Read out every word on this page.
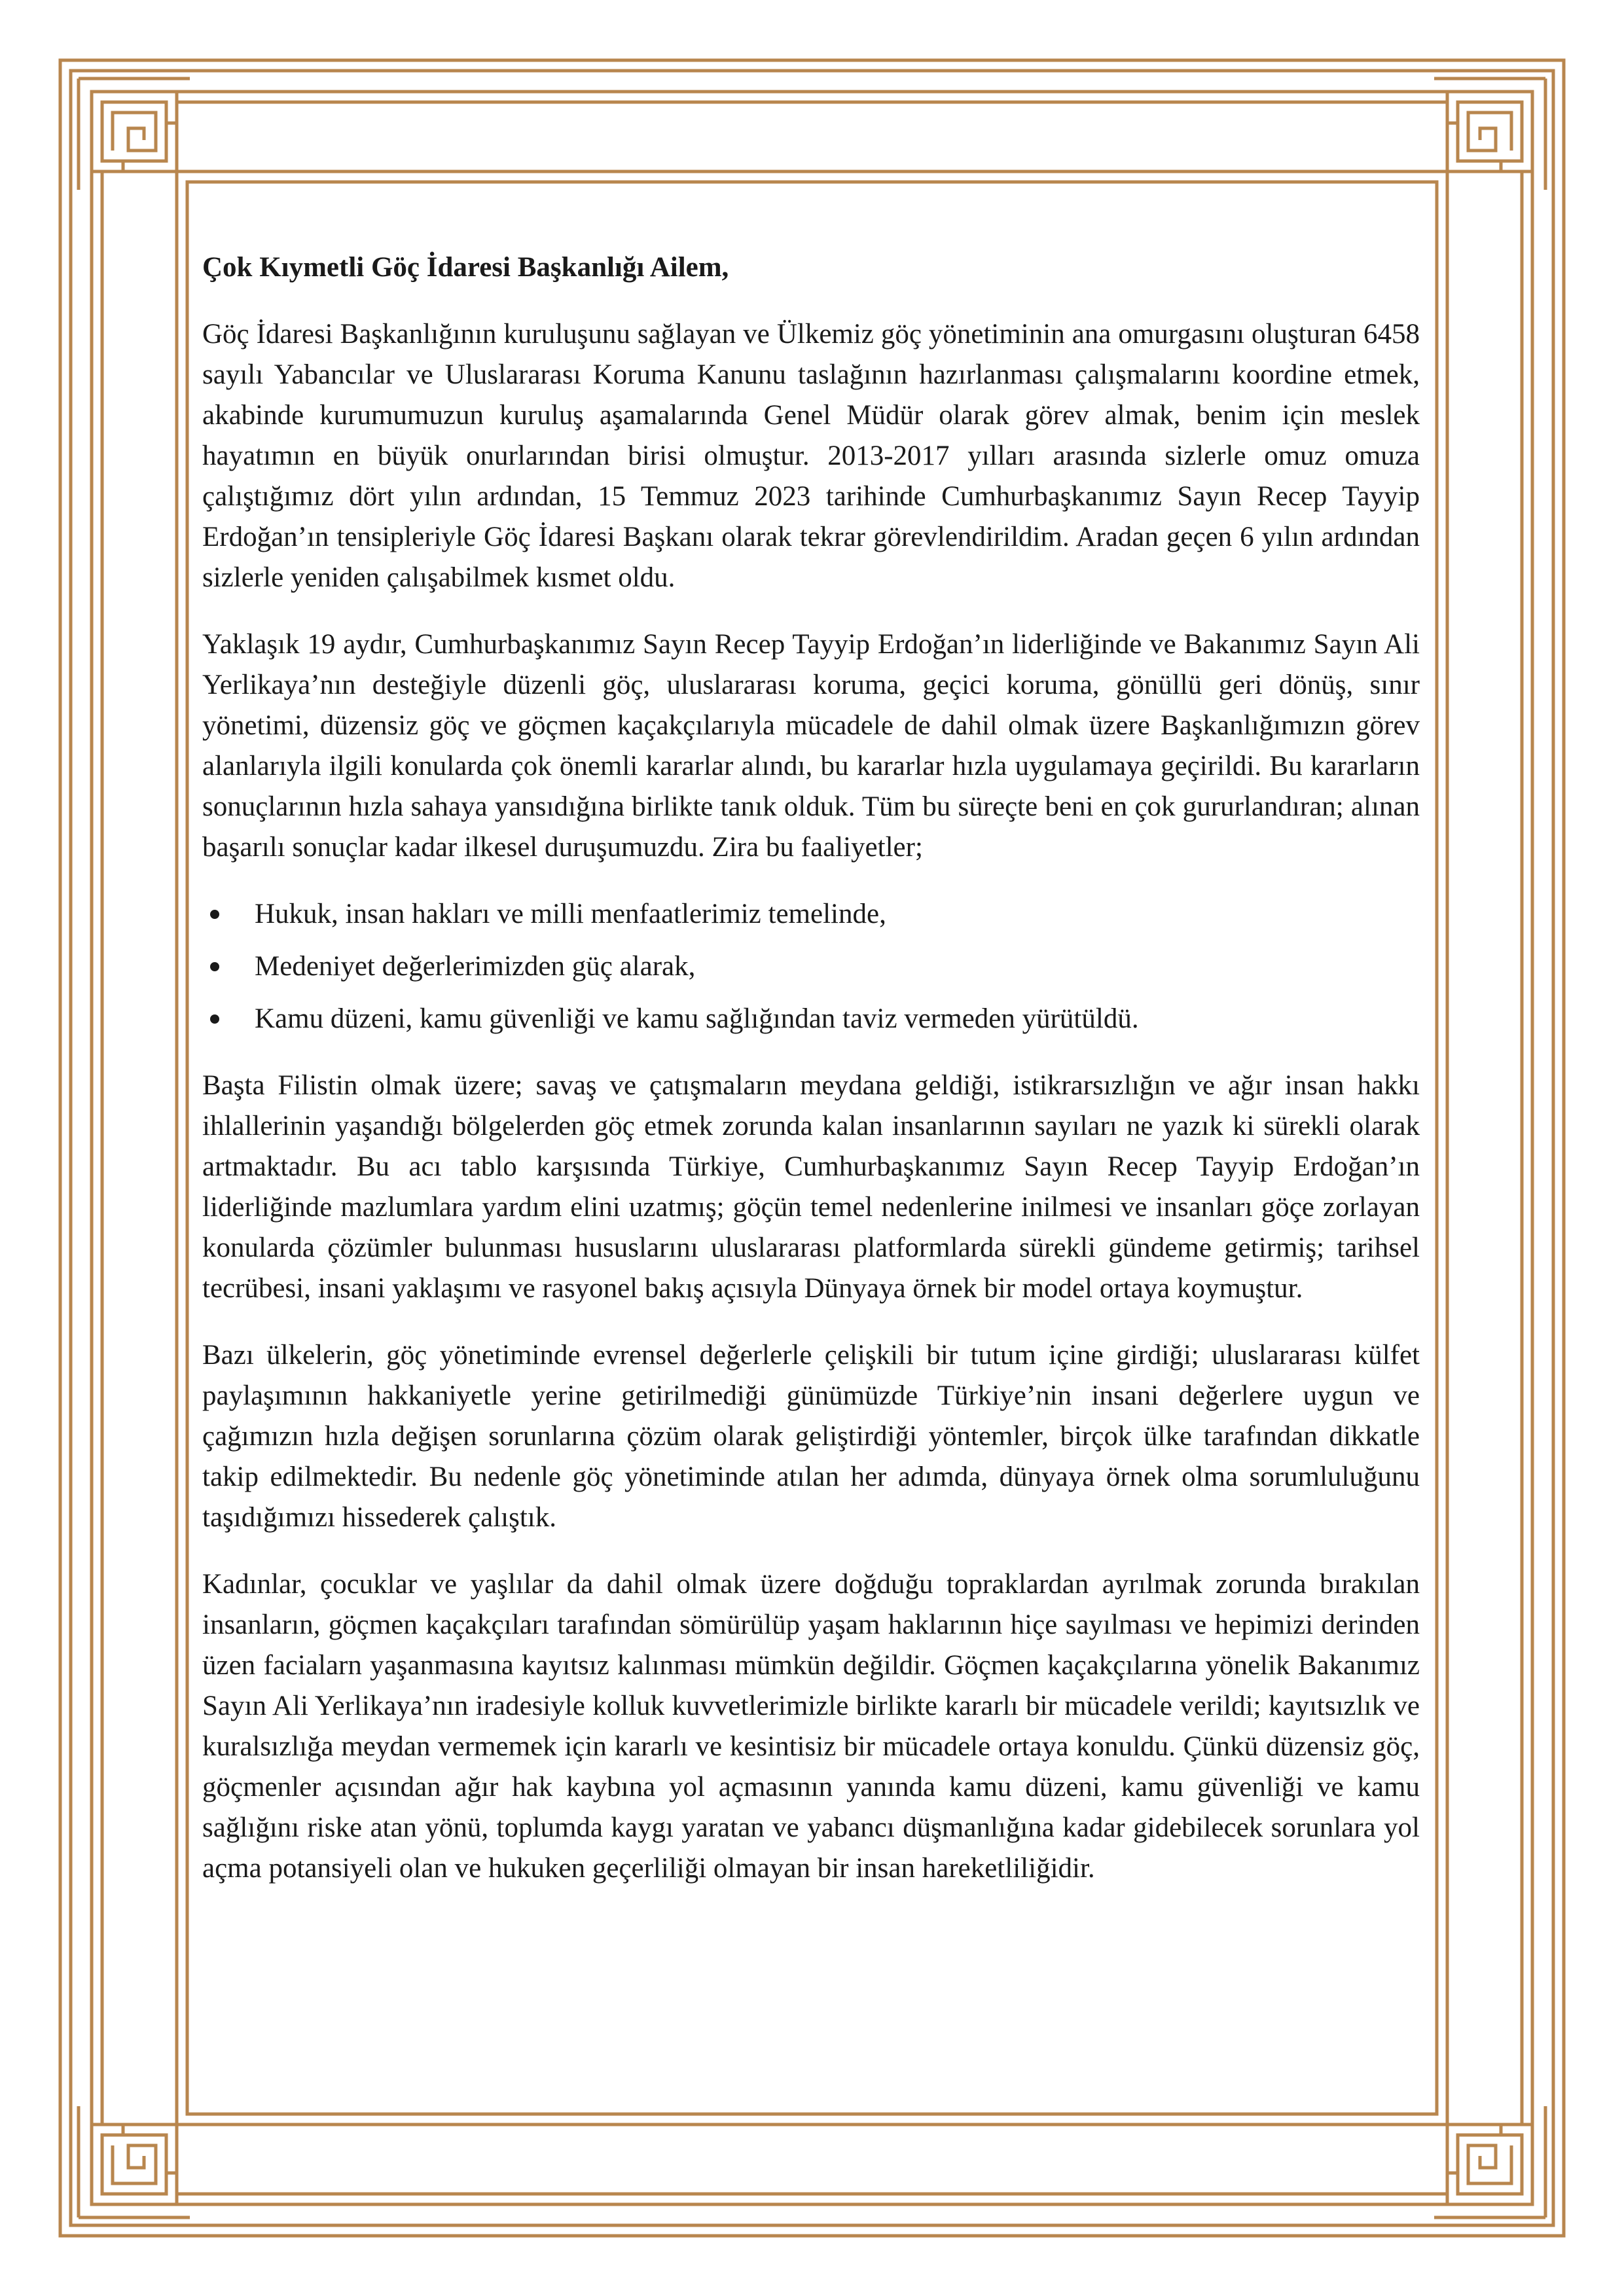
Çok Kıymetli Göç İdaresi Başkanlığı Ailem,

Göç İdaresi Başkanlığının kuruluşunu sağlayan ve Ülkemiz göç yönetiminin ana omurgasını oluşturan 6458 sayılı Yabancılar ve Uluslararası Koruma Kanunu taslağının hazırlanması çalışmalarını koordine etmek, akabinde kurumumuzun kuruluş aşamalarında Genel Müdür olarak görev almak, benim için meslek hayatımın en büyük onurlarından birisi olmuştur. 2013-2017 yılları arasında sizlerle omuz omuza çalıştığımız dört yılın ardından, 15 Temmuz 2023 tarihinde Cumhurbaşkanımız Sayın Recep Tayyip Erdoğan’ın tensipleriyle Göç İdaresi Başkanı olarak tekrar görevlendirildim. Aradan geçen 6 yılın ardından sizlerle yeniden çalışabilmek kısmet oldu.

Yaklaşık 19 aydır, Cumhurbaşkanımız Sayın Recep Tayyip Erdoğan’ın liderliğinde ve Bakanımız Sayın Ali Yerlikaya’nın desteğiyle düzenli göç, uluslararası koruma, geçici koruma, gönüllü geri dönüş, sınır yönetimi, düzensiz göç ve göçmen kaçakçılarıyla mücadele de dahil olmak üzere Başkanlığımızın görev alanlarıyla ilgili konularda çok önemli kararlar alındı, bu kararlar hızla uygulamaya geçirildi. Bu kararların sonuçlarının hızla sahaya yansıdığına birlikte tanık olduk. Tüm bu süreçte beni en çok gururlandıran; alınan başarılı sonuçlar kadar ilkesel duruşumuzdu. Zira bu faaliyetler;

Hukuk, insan hakları ve milli menfaatlerimiz temelinde,
Medeniyet değerlerimizden güç alarak,
Kamu düzeni, kamu güvenliği ve kamu sağlığından taviz vermeden yürütüldü.

Başta Filistin olmak üzere; savaş ve çatışmaların meydana geldiği, istikrarsızlığın ve ağır insan hakkı ihlallerinin yaşandığı bölgelerden göç etmek zorunda kalan insanlarının sayıları ne yazık ki sürekli olarak artmaktadır. Bu acı tablo karşısında Türkiye, Cumhurbaşkanımız Sayın Recep Tayyip Erdoğan’ın liderliğinde mazlumlara yardım elini uzatmış; göçün temel nedenlerine inilmesi ve insanları göçe zorlayan konularda çözümler bulunması hususlarını uluslararası platformlarda sürekli gündeme getirmiş; tarihsel tecrübesi, insani yaklaşımı ve rasyonel bakış açısıyla Dünyaya örnek bir model ortaya koymuştur.

Bazı ülkelerin, göç yönetiminde evrensel değerlerle çelişkili bir tutum içine girdiği; uluslararası külfet paylaşımının hakkaniyetle yerine getirilmediği günümüzde Türkiye’nin insani değerlere uygun ve çağımızın hızla değişen sorunlarına çözüm olarak geliştirdiği yöntemler, birçok ülke tarafından dikkatle takip edilmektedir. Bu nedenle göç yönetiminde atılan her adımda, dünyaya örnek olma sorumluluğunu taşıdığımızı hissederek çalıştık.

Kadınlar, çocuklar ve yaşlılar da dahil olmak üzere doğduğu topraklardan ayrılmak zorunda bırakılan insanların, göçmen kaçakçıları tarafından sömürülüp yaşam haklarının hiçe sayılması ve hepimizi derinden üzen facialarn yaşanmasına kayıtsız kalınması mümkün değildir. Göçmen kaçakçılarına yönelik Bakanımız Sayın Ali Yerlikaya’nın iradesiyle kolluk kuvvetlerimizle birlikte kararlı bir mücadele verildi; kayıtsızlık ve kuralsızlığa meydan vermemek için kararlı ve kesintisiz bir mücadele ortaya konuldu. Çünkü düzensiz göç, göçmenler açısından ağır hak kaybına yol açmasının yanında kamu düzeni, kamu güvenliği ve kamu sağlığını riske atan yönü, toplumda kaygı yaratan ve yabancı düşmanlığına kadar gidebilecek sorunlara yol açma potansiyeli olan ve hukuken geçerliliği olmayan bir insan hareketliliğidir.
